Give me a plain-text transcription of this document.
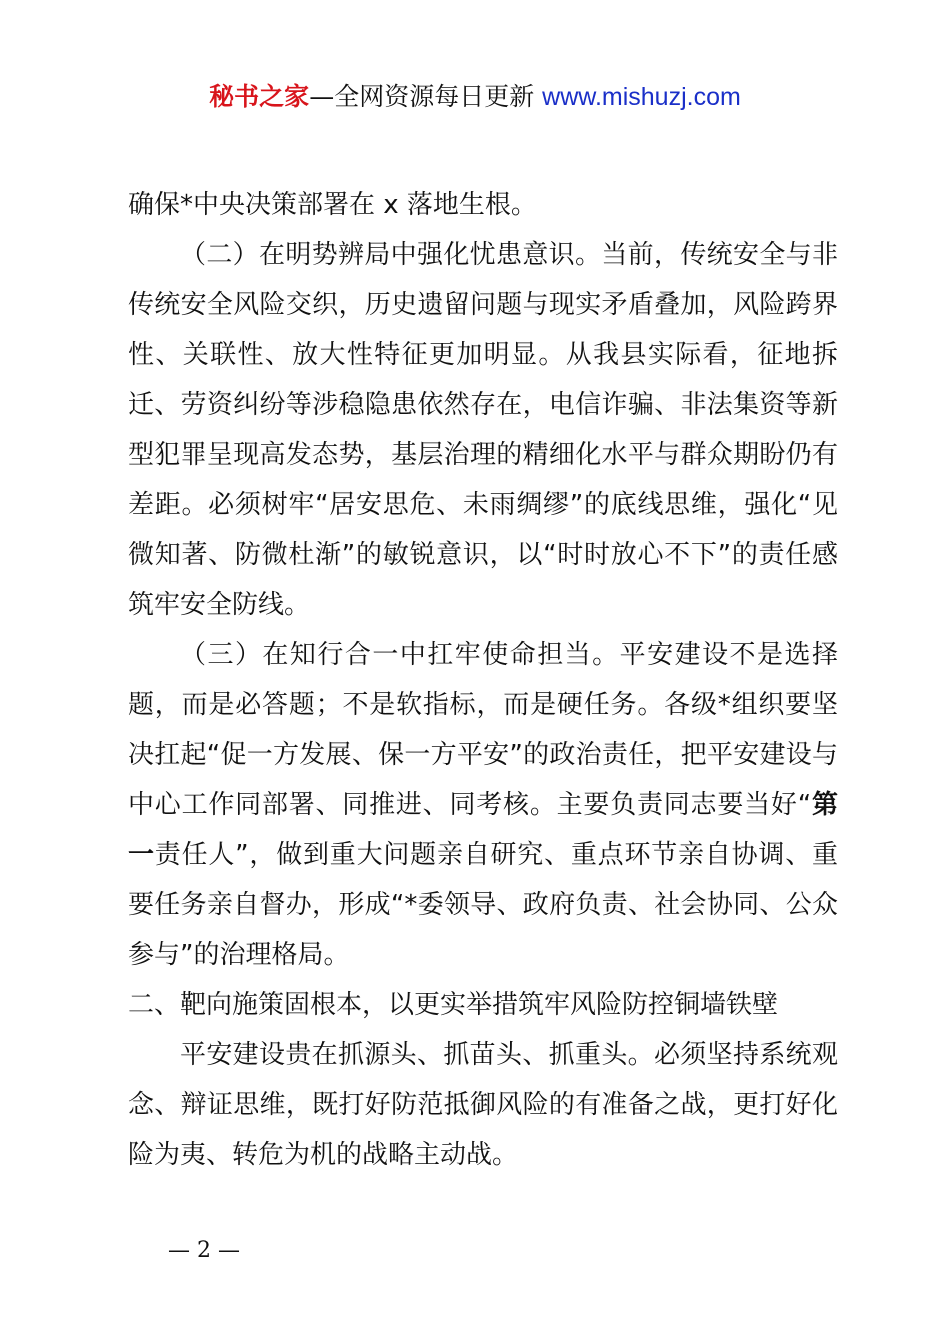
秘书之家—全网资源每日更新 www.mishuzj.com

确保*中央决策部署在 x 落地生根。

（二）在明势辨局中强化忧患意识。当前，传统安全与非传统安全风险交织，历史遗留问题与现实矛盾叠加，风险跨界性、关联性、放大性特征更加明显。从我县实际看，征地拆迁、劳资纠纷等涉稳隐患依然存在，电信诈骗、非法集资等新型犯罪呈现高发态势，基层治理的精细化水平与群众期盼仍有差距。必须树牢“居安思危、未雨绸缪”的底线思维，强化“见微知著、防微杜渐”的敏锐意识，以“时时放心不下”的责任感筑牢安全防线。

（三）在知行合一中扛牢使命担当。平安建设不是选择题，而是必答题；不是软指标，而是硬任务。各级*组织要坚决扛起“促一方发展、保一方平安”的政治责任，把平安建设与中心工作同部署、同推进、同考核。主要负责同志要当好“第一责任人”，做到重大问题亲自研究、重点环节亲自协调、重要任务亲自督办，形成“*委领导、政府负责、社会协同、公众参与”的治理格局。

二、靶向施策固根本，以更实举措筑牢风险防控铜墙铁壁

平安建设贵在抓源头、抓苗头、抓重头。必须坚持系统观念、辩证思维，既打好防范抵御风险的有准备之战，更打好化险为夷、转危为机的战略主动战。

— 2 —
